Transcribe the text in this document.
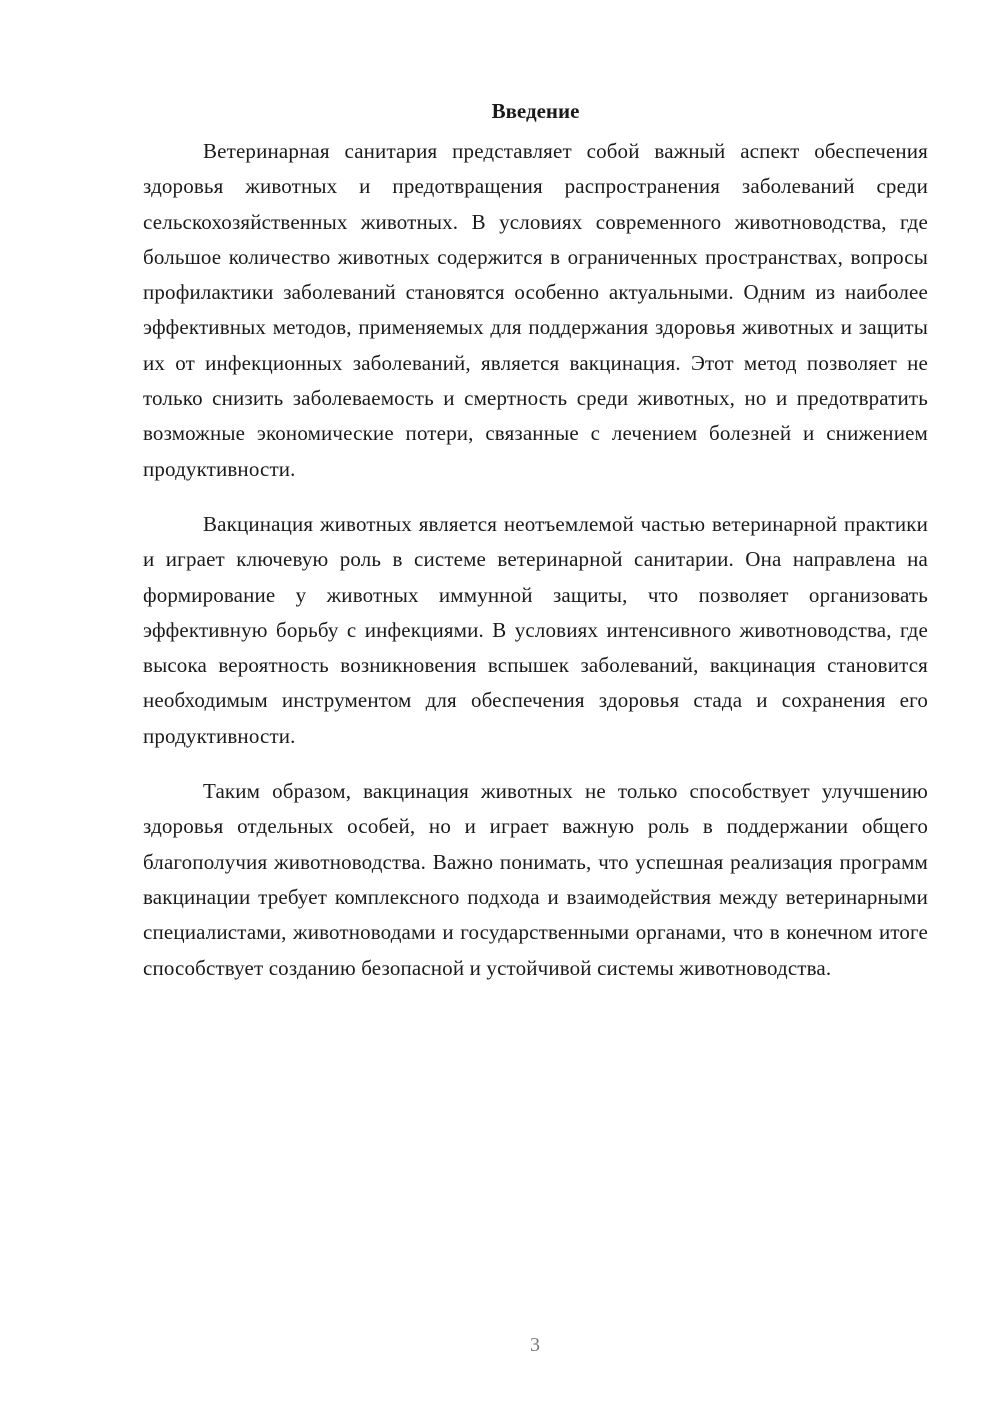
Введение

Ветеринарная санитария представляет собой важный аспект обеспечения здоровья животных и предотвращения распространения заболеваний среди сельскохозяйственных животных. В условиях современного животноводства, где большое количество животных содержится в ограниченных пространствах, вопросы профилактики заболеваний становятся особенно актуальными. Одним из наиболее эффективных методов, применяемых для поддержания здоровья животных и защиты их от инфекционных заболеваний, является вакцинация. Этот метод позволяет не только снизить заболеваемость и смертность среди животных, но и предотвратить возможные экономические потери, связанные с лечением болезней и снижением продуктивности.

Вакцинация животных является неотъемлемой частью ветеринарной практики и играет ключевую роль в системе ветеринарной санитарии. Она направлена на формирование у животных иммунной защиты, что позволяет организовать эффективную борьбу с инфекциями. В условиях интенсивного животноводства, где высока вероятность возникновения вспышек заболеваний, вакцинация становится необходимым инструментом для обеспечения здоровья стада и сохранения его продуктивности.

Таким образом, вакцинация животных не только способствует улучшению здоровья отдельных особей, но и играет важную роль в поддержании общего благополучия животноводства. Важно понимать, что успешная реализация программ вакцинации требует комплексного подхода и взаимодействия между ветеринарными специалистами, животноводами и государственными органами, что в конечном итоге способствует созданию безопасной и устойчивой системы животноводства.

3
